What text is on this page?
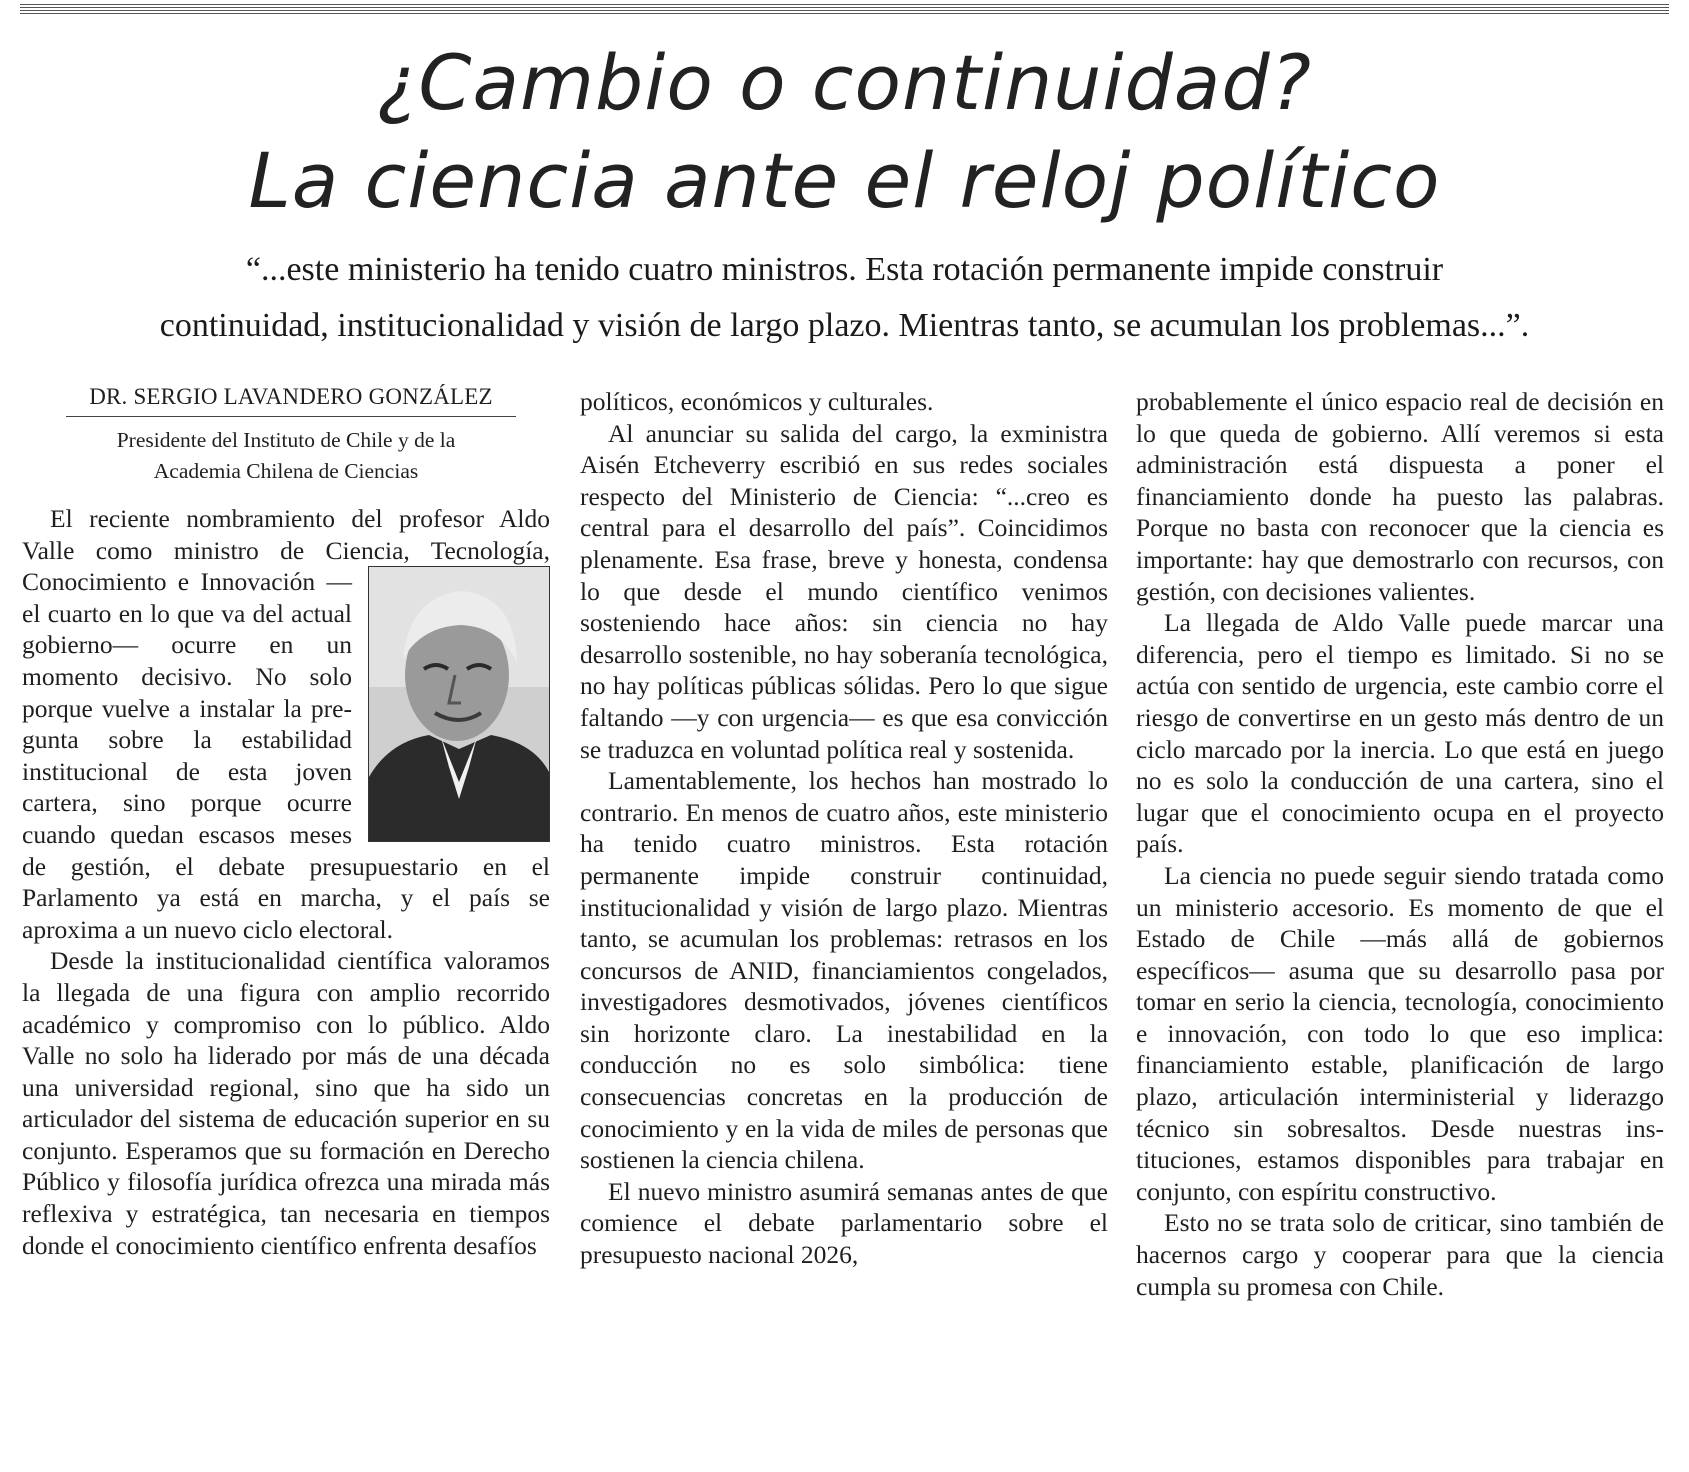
¿Cambio o continuidad?
La ciencia ante el reloj político
“...este ministerio ha tenido cuatro ministros. Esta rotación permanente impide construir
continuidad, institucionalidad y visión de largo plazo. Mientras tanto, se acumulan los problemas...”.
DR. SERGIO LAVANDERO GONZÁLEZ
Presidente del Instituto de Chile y de la
Academia Chilena de Ciencias

El reciente nombramiento del profesor Aldo Valle como ministro de Ciencia, Tecnología, Conocimiento e Innovación
—el cuarto en lo que va del actual gobierno— ocurre en un momento decisivo. No solo porque vuelve a instalar la pregunta sobre la estabilidad institucional de esta joven cartera, sino porque ocurre cuando quedan escasos meses de gestión, el debate presupuestario en el Parlamento ya está en marcha, y el país se aproxima a un nuevo ciclo electoral.

Desde la institucionalidad científica valoramos la llegada de una figura con amplio recorrido académico y compromiso con lo público. Aldo Valle no solo ha liderado por más de una década una universidad regional, sino que ha sido un articulador del sistema de educación superior en su conjunto. Esperamos que su formación en Derecho Público y filosofía jurídica ofrezca una mirada más reflexiva y estratégica, tan necesaria en tiempos donde el conocimiento científico enfrenta desafíos

políticos, económicos y culturales.

Al anunciar su salida del cargo, la exministra Aisén Etcheverry escribió en sus redes sociales respecto del Ministerio de Ciencia: “...creo es central para el desarrollo del país”. Coincidimos plenamente. Esa frase, breve y honesta, condensa lo que desde el mundo científico venimos sosteniendo hace años: sin ciencia no hay desarrollo sostenible, no hay soberanía tecnológica, no hay políticas públicas sólidas. Pero lo que sigue faltando —y con urgencia— es que esa convicción se traduzca en voluntad política real y sostenida.

Lamentablemente, los hechos han mostrado lo contrario. En menos de cuatro años, este ministerio ha tenido cuatro ministros. Esta rotación permanente impide construir continuidad, institucionalidad y visión de largo plazo. Mientras tanto, se acumulan los problemas: retrasos en los concursos de ANID, financiamientos congelados, investigadores desmotivados, jóvenes científicos sin horizonte claro. La inestabilidad en la conducción no es solo simbólica: tiene consecuencias concretas en la producción de conocimiento y en la vida de miles de personas que sostienen la ciencia chilena.

El nuevo ministro asumirá semanas antes de que comience el debate parlamentario sobre el presupuesto nacional 2026,

probablemente el único espacio real de decisión en lo que queda de gobierno. Allí veremos si esta administración está dispuesta a poner el financiamiento donde ha puesto las palabras. Porque no basta con reconocer que la ciencia es importante: hay que demostrarlo con recursos, con gestión, con decisiones valientes.

La llegada de Aldo Valle puede marcar una diferencia, pero el tiempo es limitado. Si no se actúa con sentido de urgencia, este cambio corre el riesgo de convertirse en un gesto más dentro de un ciclo marcado por la inercia. Lo que está en juego no es solo la conducción de una cartera, sino el lugar que el conocimiento ocupa en el proyecto país.

La ciencia no puede seguir siendo tratada como un ministerio accesorio. Es momento de que el Estado de Chile —más allá de gobiernos específicos— asuma que su desarrollo pasa por tomar en serio la ciencia, tecnología, conocimiento e innovación, con todo lo que eso implica: financiamiento estable, planificación de largo plazo, articulación interministerial y liderazgo técnico sin sobresaltos. Desde nuestras instituciones, estamos disponibles para trabajar en conjunto, con espíritu constructivo.

Esto no se trata solo de criticar, sino también de hacernos cargo y cooperar para que la ciencia cumpla su promesa con Chile.
